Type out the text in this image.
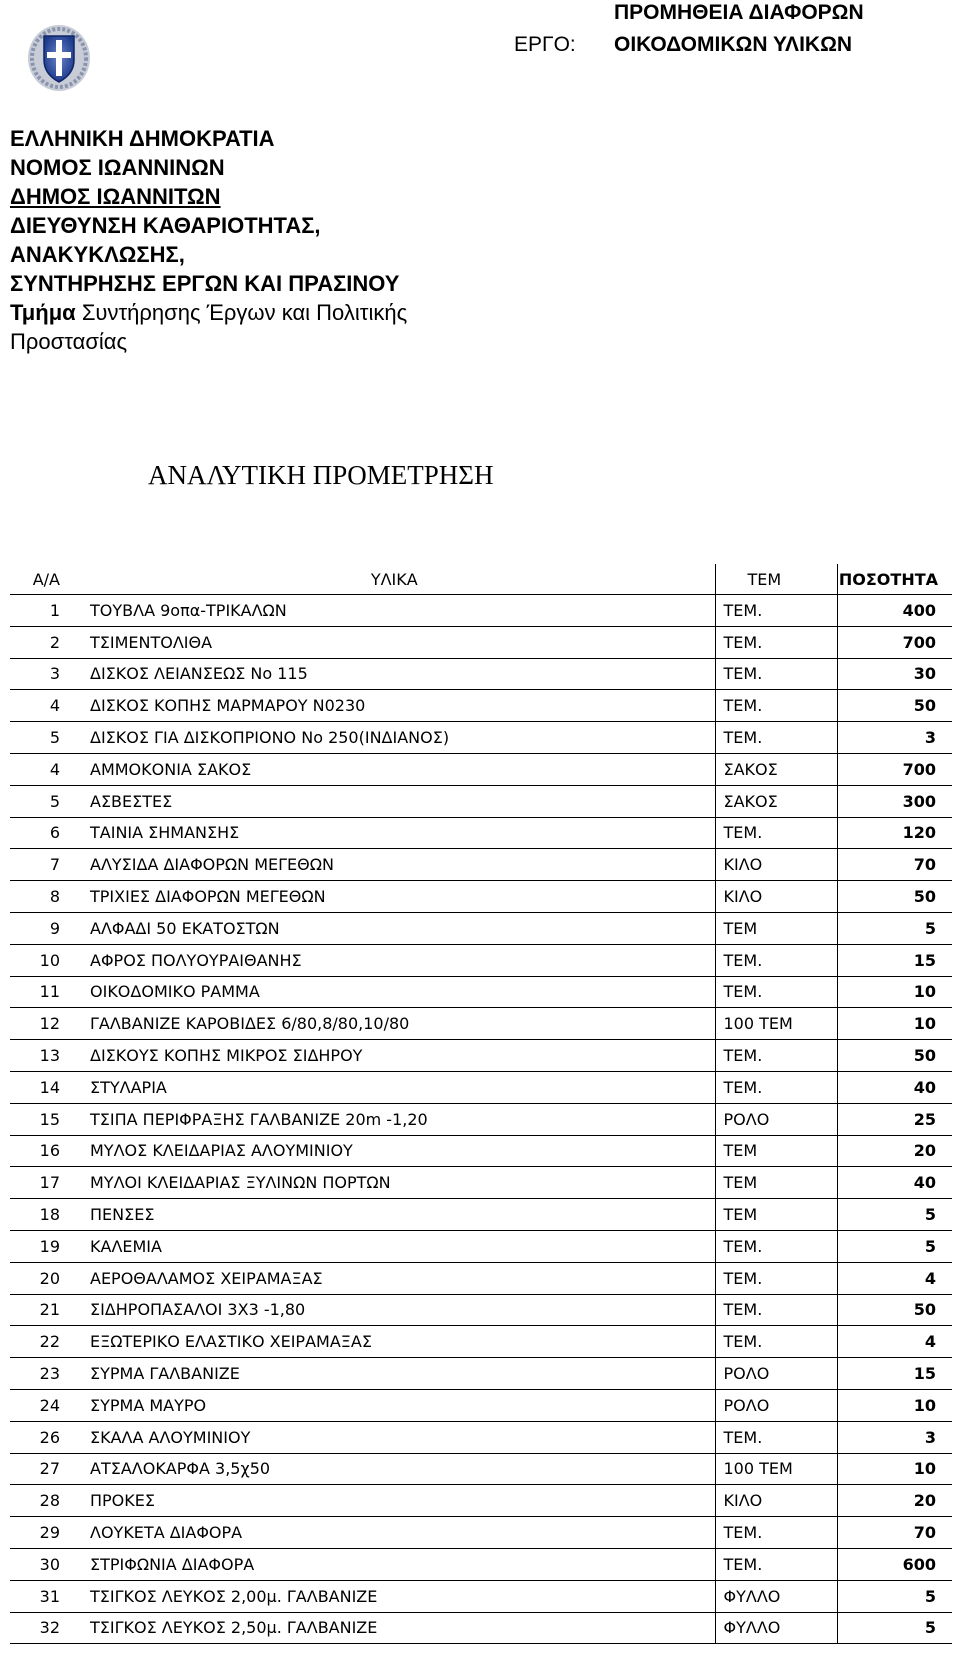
ΕΡΓΟ:
ΠΡΟΜΗΘΕΙΑ ΔΙΑΦΟΡΩΝ
ΟΙΚΟΔΟΜΙΚΩΝ ΥΛΙΚΩΝ
ΕΛΛΗΝΙΚΗ ΔΗΜΟΚΡΑΤΙΑ
ΝΟΜΟΣ ΙΩΑΝΝΙΝΩΝ
ΔΗΜΟΣ ΙΩΑΝΝΙΤΩΝ
ΔΙΕΥΘΥΝΣΗ ΚΑΘΑΡΙΟΤΗΤΑΣ,
ΑΝΑΚΥΚΛΩΣΗΣ,
ΣΥΝΤΗΡΗΣΗΣ ΕΡΓΩΝ ΚΑΙ ΠΡΑΣΙΝΟΥ
Τμήμα Συντήρησης Έργων και Πολιτικής
Προστασίας
ΑΝΑΛΥΤΙΚΗ ΠΡΟΜΕΤΡΗΣΗ
Α/Α	ΥΛΙΚΑ	ΤΕΜ	ΠΟΣΟΤΗΤΑ
1	ΤΟΥΒΛΑ 9οπα-ΤΡΙΚΑΛΩΝ	ΤΕΜ.	400
2	ΤΣΙΜΕΝΤΟΛΙΘΑ	ΤΕΜ.	700
3	ΔΙΣΚΟΣ ΛΕΙΑΝΣΕΩΣ Νο 115	ΤΕΜ.	30
4	ΔΙΣΚΟΣ ΚΟΠΗΣ ΜΑΡΜΑΡΟΥ Ν0230	ΤΕΜ.	50
5	ΔΙΣΚΟΣ ΓΙΑ ΔΙΣΚΟΠΡΙΟΝΟ Νο 250(ΙΝΔΙΑΝΟΣ)	ΤΕΜ.	3
4	ΑΜΜΟΚΟΝΙΑ ΣΑΚΟΣ	ΣΑΚΟΣ	700
5	ΑΣΒΕΣΤΕΣ	ΣΑΚΟΣ	300
6	ΤΑΙΝΙΑ ΣΗΜΑΝΣΗΣ	ΤΕΜ.	120
7	ΑΛΥΣΙΔΑ ΔΙΑΦΟΡΩΝ ΜΕΓΕΘΩΝ	ΚΙΛΟ	70
8	ΤΡΙΧΙΕΣ ΔΙΑΦΟΡΩΝ ΜΕΓΕΘΩΝ	ΚΙΛΟ	50
9	ΑΛΦΑΔΙ 50 ΕΚΑΤΟΣΤΩΝ	ΤΕΜ	5
10	ΑΦΡΟΣ ΠΟΛΥΟΥΡΑΙΘΑΝΗΣ	ΤΕΜ.	15
11	ΟΙΚΟΔΟΜΙΚΟ ΡΑΜΜΑ	ΤΕΜ.	10
12	ΓΑΛΒΑΝΙΖΕ ΚΑΡΟΒΙΔΕΣ 6/80,8/80,10/80	100 ΤΕΜ	10
13	ΔΙΣΚΟΥΣ ΚΟΠΗΣ ΜΙΚΡΟΣ ΣΙΔΗΡΟΥ	ΤΕΜ.	50
14	ΣΤΥΛΑΡΙΑ	ΤΕΜ.	40
15	ΤΣΙΠΑ ΠΕΡΙΦΡΑΞΗΣ ΓΑΛΒΑΝΙΖΕ 20m -1,20	ΡΟΛΟ	25
16	ΜΥΛΟΣ ΚΛΕΙΔΑΡΙΑΣ ΑΛΟΥΜΙΝΙΟΥ	ΤΕΜ	20
17	ΜΥΛΟΙ ΚΛΕΙΔΑΡΙΑΣ ΞΥΛΙΝΩΝ ΠΟΡΤΩΝ	ΤΕΜ	40
18	ΠΕΝΣΕΣ	ΤΕΜ	5
19	ΚΑΛΕΜΙΑ	ΤΕΜ.	5
20	ΑΕΡΟΘΑΛΑΜΟΣ ΧΕΙΡΑΜΑΞΑΣ	ΤΕΜ.	4
21	ΣΙΔΗΡΟΠΑΣΑΛΟΙ 3Χ3 -1,80	ΤΕΜ.	50
22	ΕΞΩΤΕΡΙΚΟ ΕΛΑΣΤΙΚΟ ΧΕΙΡΑΜΑΞΑΣ	ΤΕΜ.	4
23	ΣΥΡΜΑ ΓΑΛΒΑΝΙΖΕ	ΡΟΛΟ	15
24	ΣΥΡΜΑ ΜΑΥΡΟ	ΡΟΛΟ	10
26	ΣΚΑΛΑ ΑΛΟΥΜΙΝΙΟΥ	ΤΕΜ.	3
27	ΑΤΣΑΛΟΚΑΡΦΑ 3,5χ50	100 ΤΕΜ	10
28	ΠΡΟΚΕΣ	ΚΙΛΟ	20
29	ΛΟΥΚΕΤΑ ΔΙΑΦΟΡΑ	ΤΕΜ.	70
30	ΣΤΡΙΦΩΝΙΑ ΔΙΑΦΟΡΑ	ΤΕΜ.	600
31	ΤΣΙΓΚΟΣ ΛΕΥΚΟΣ 2,00μ. ΓΑΛΒΑΝΙΖΕ	ΦΥΛΛΟ	5
32	ΤΣΙΓΚΟΣ ΛΕΥΚΟΣ 2,50μ. ΓΑΛΒΑΝΙΖΕ	ΦΥΛΛΟ	5
